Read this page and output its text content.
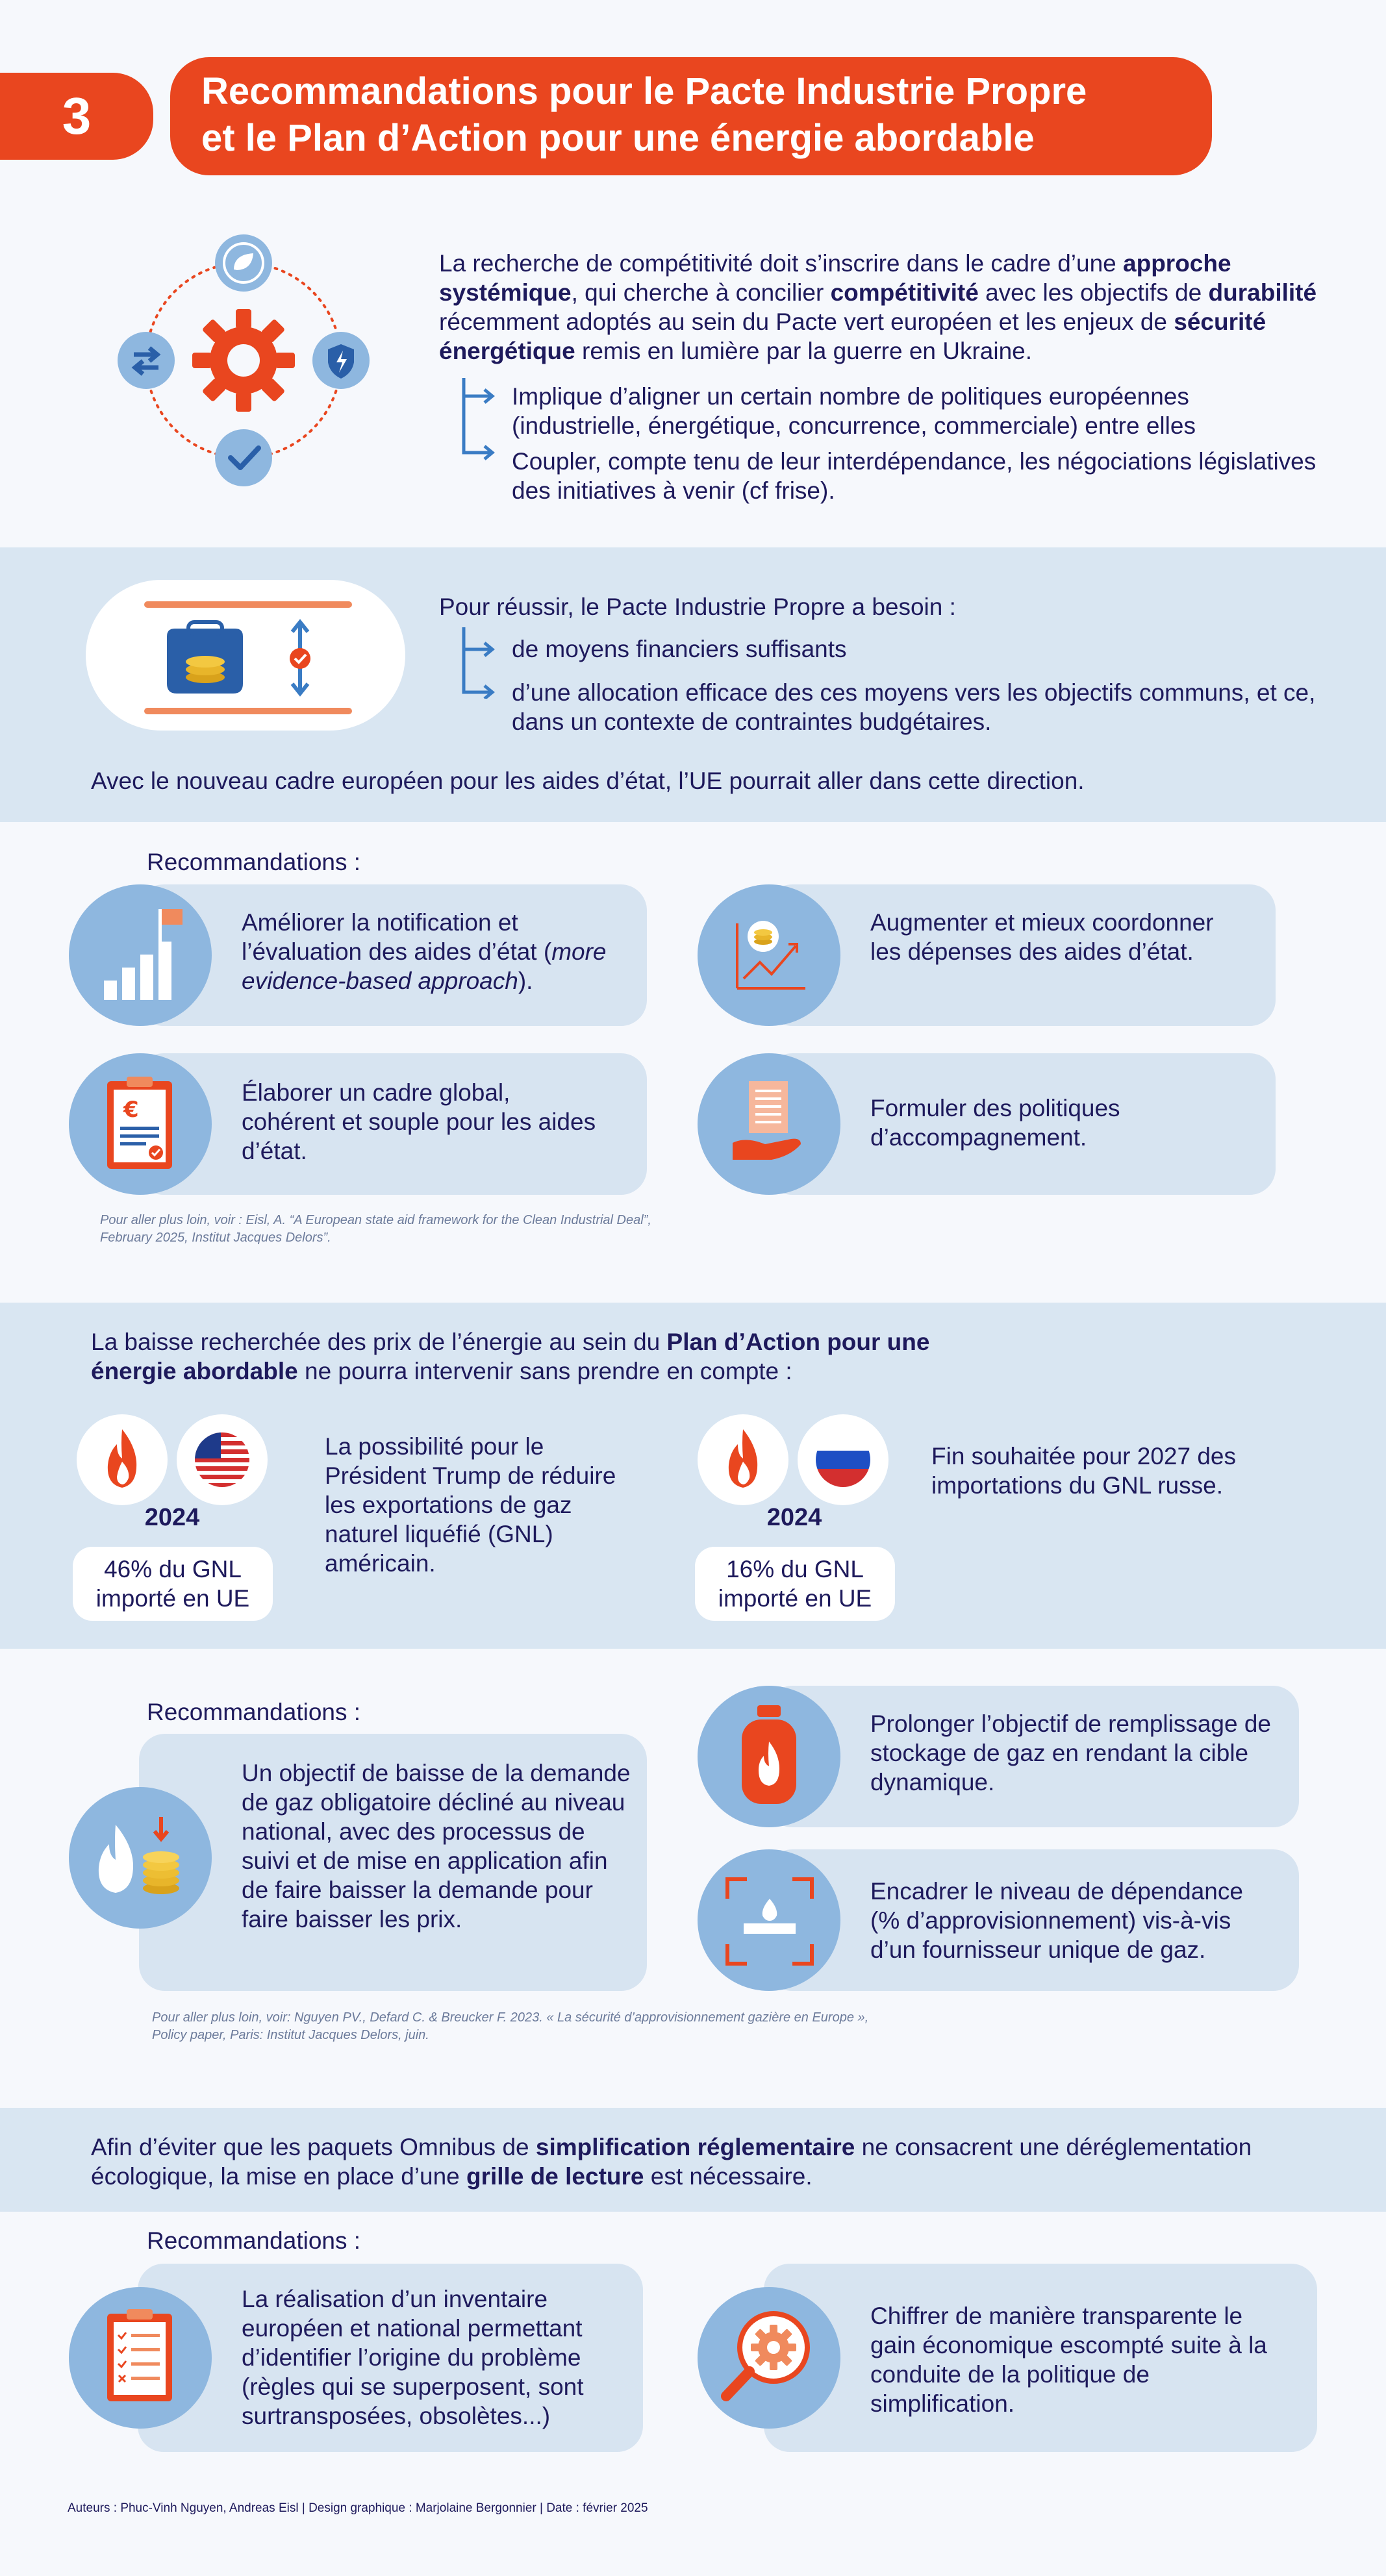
3	Recommandations pour le Pacte Industrie Propre
et le Plan d’Action pour une énergie abordable
La recherche de compétitivité doit s’inscrire dans le cadre d’une approche systémique, qui cherche à concilier compétitivité avec les objectifs de durabilité récemment adoptés au sein du Pacte vert européen et les enjeux de sécurité énergétique remis en lumière par la guerre en Ukraine.
Implique d’aligner un certain nombre de politiques européennes (industrielle, énergétique, concurrence, commerciale) entre elles
Coupler, compte tenu de leur interdépendance, les négociations législatives des initiatives à venir (cf frise).
Pour réussir, le Pacte Industrie Propre a besoin :
de moyens financiers suffisants
d’une allocation efficace des ces moyens vers les objectifs communs, et ce, dans un contexte de contraintes budgétaires.
Avec le nouveau cadre européen pour les aides d’état, l’UE pourrait aller dans cette direction.
Recommandations :
Améliorer la notification et l’évaluation des aides d’état (more evidence-based approach).
Augmenter et mieux coordonner les dépenses des aides d’état.
€
Élaborer un cadre global, cohérent et souple pour les aides d’état.
Formuler des politiques d’accompagnement.
Pour aller plus loin, voir : Eisl, A. “A European state aid framework for the Clean Industrial Deal”,
February 2025, Institut Jacques Delors”.
La baisse recherchée des prix de l’énergie au sein du Plan d’Action pour une énergie abordable ne pourra intervenir sans prendre en compte :
2024
46% du GNL importé en UE
La possibilité pour le Président Trump de réduire les exportations de gaz naturel liquéfié (GNL) américain.
2024
16% du GNL importé en UE
Fin souhaitée pour 2027 des importations du GNL russe.
Recommandations :
Un objectif de baisse de la demande de gaz obligatoire décliné au niveau national, avec des processus de suivi et de mise en application afin de faire baisser la demande pour faire baisser les prix.
Prolonger l’objectif de remplissage de stockage de gaz en rendant la cible dynamique.
Encadrer le niveau de dépendance (% d’approvisionnement) vis-à-vis d’un fournisseur unique de gaz.
Pour aller plus loin, voir: Nguyen PV., Defard C. & Breucker F. 2023. « La sécurité d’approvisionnement gazière en Europe »,
Policy paper, Paris: Institut Jacques Delors, juin.
Afin d’éviter que les paquets Omnibus de simplification réglementaire ne consacrent une déréglementation écologique, la mise en place d’une grille de lecture est nécessaire.
Recommandations :
La réalisation d’un inventaire européen et national permettant d’identifier l’origine du problème (règles qui se superposent, sont surtransposées, obsolètes...)
Chiffrer de manière transparente le gain économique escompté suite à la conduite de la politique de simplification.
Auteurs : Phuc-Vinh Nguyen, Andreas Eisl | Design graphique : Marjolaine Bergonnier | Date : février 2025
